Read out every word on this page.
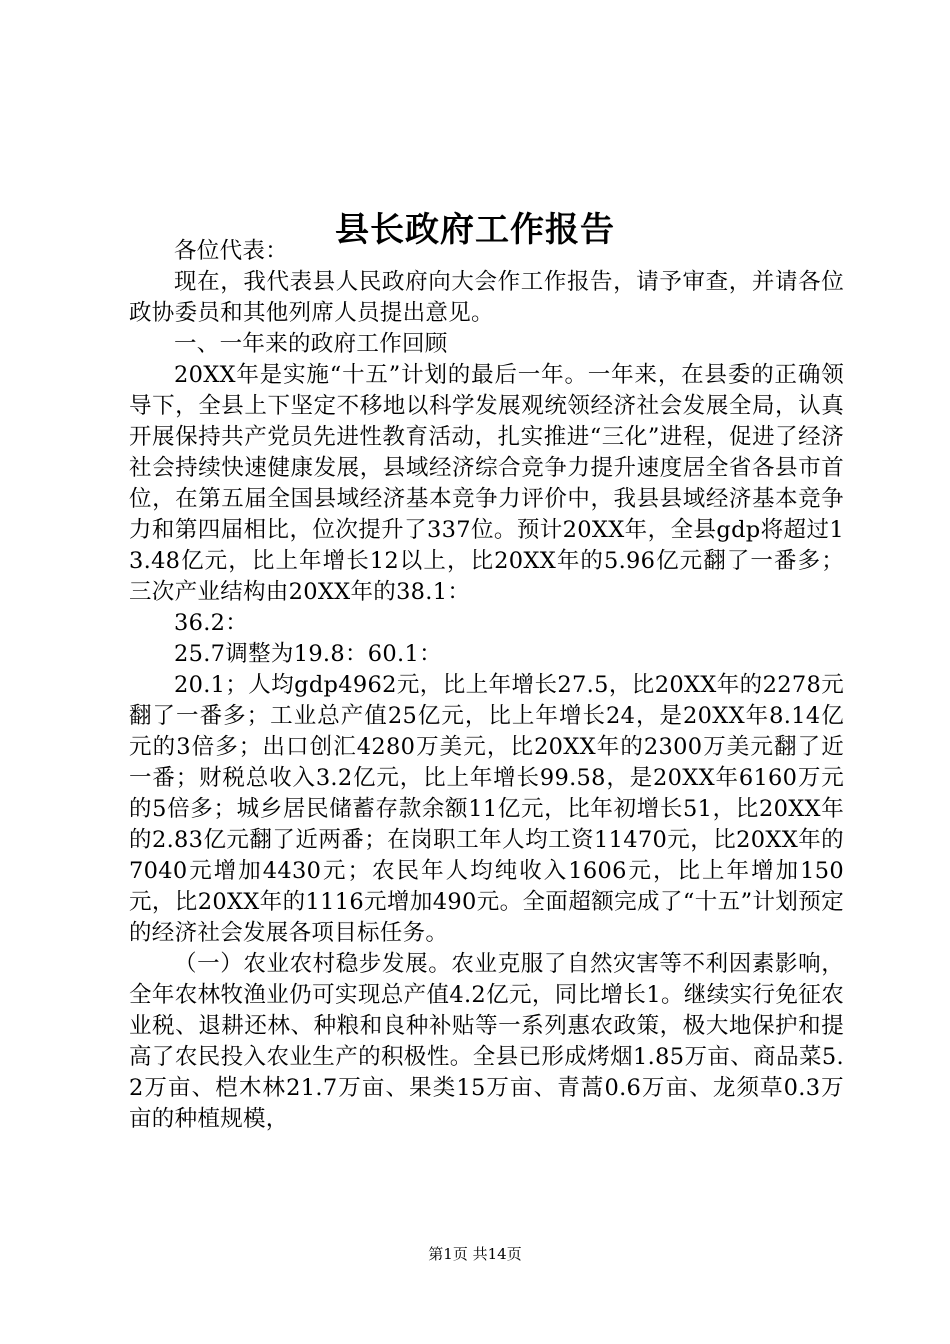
县长政府工作报告

各位代表：

现在，我代表县人民政府向大会作工作报告，请予审查，并请各位政协委员和其他列席人员提出意见。

一、一年来的政府工作回顾

20XX年是实施“十五”计划的最后一年。一年来，在县委的正确领导下，全县上下坚定不移地以科学发展观统领经济社会发展全局，认真开展保持共产党员先进性教育活动，扎实推进“三化”进程，促进了经济社会持续快速健康发展，县域经济综合竞争力提升速度居全省各县市首位，在第五届全国县域经济基本竞争力评价中，我县县域经济基本竞争力和第四届相比，位次提升了337位。预计20XX年，全县gdp将超过13.48亿元，比上年增长12以上，比20XX年的5.96亿元翻了一番多；三次产业结构由20XX年的38.1：

36.2：

25.7调整为19.8：60.1：

20.1；人均gdp4962元，比上年增长27.5，比20XX年的2278元翻了一番多；工业总产值25亿元，比上年增长24，是20XX年8.14亿元的3倍多；出口创汇4280万美元，比20XX年的2300万美元翻了近一番；财税总收入3.2亿元，比上年增长99.58，是20XX年6160万元的5倍多；城乡居民储蓄存款余额11亿元，比年初增长51，比20XX年的2.83亿元翻了近两番；在岗职工年人均工资11470元，比20XX年的7040元增加4430元；农民年人均纯收入1606元，比上年增加150元，比20XX年的1116元增加490元。全面超额完成了“十五”计划预定的经济社会发展各项目标任务。

（一）农业农村稳步发展。农业克服了自然灾害等不利因素影响，全年农林牧渔业仍可实现总产值4.2亿元，同比增长1。继续实行免征农业税、退耕还林、种粮和良种补贴等一系列惠农政策，极大地保护和提高了农民投入农业生产的积极性。全县已形成烤烟1.85万亩、商品菜5.2万亩、桤木林21.7万亩、果类15万亩、青蒿0.6万亩、龙须草0.3万亩的种植规模，

第1页 共14页
